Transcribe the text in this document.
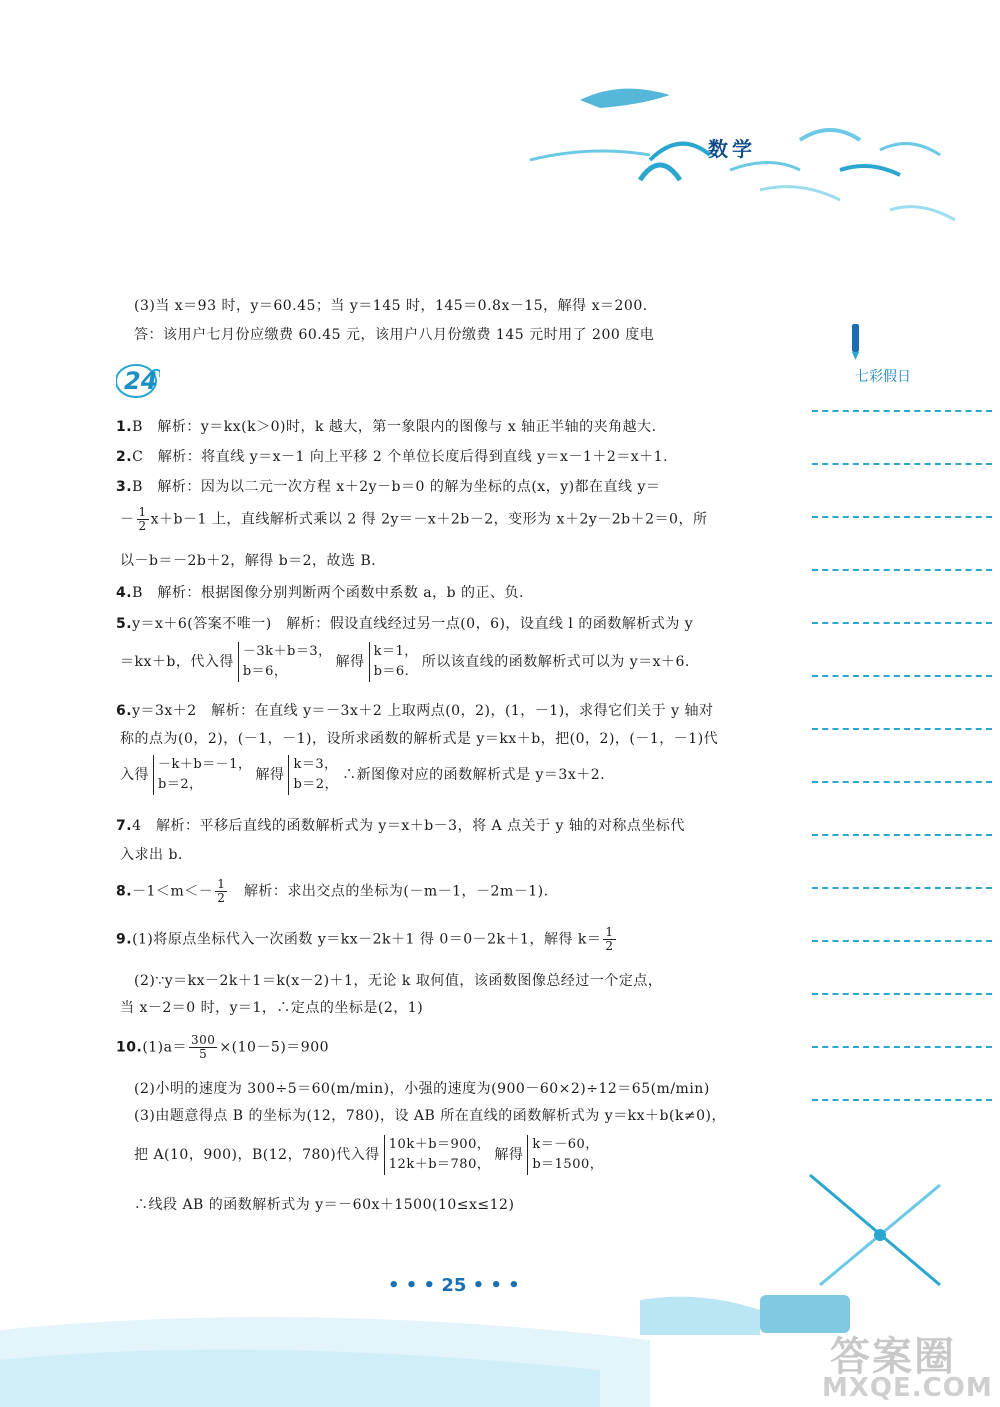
数学
七彩假日
24
(3)当 x＝93 时，y＝60.45；当 y＝145 时，145＝0.8x－15，解得 x＝200.
答：该用户七月份应缴费 60.45 元，该用户八月份缴费 145 元时用了 200 度电
1.B　解析：y＝kx(k＞0)时，k 越大，第一象限内的图像与 x 轴正半轴的夹角越大.
2.C　解析：将直线 y＝x－1 向上平移 2 个单位长度后得到直线 y＝x－1＋2＝x＋1.
3.B　解析：因为以二元一次方程 x＋2y－b＝0 的解为坐标的点(x，y)都在直线 y＝
－ $\frac{1}{2} x+b-1$ 上，直线解析式乘以 2 得 2y＝－x＋2b－2，变形为 x＋2y－2b＋2＝0，所
以－b＝－2b＋2，解得 b＝2，故选 B.
4.B　解析：根据图像分别判断两个函数中系数 a，b 的正、负.
5.y＝x＋6(答案不唯一)　解析：假设直线经过另一点(0，6)，设直线 l 的函数解析式为 y
＝kx＋b，代入得
－3k＋b＝3，
b＝6，
解得
k＝1，
b＝6.
所以该直线的函数解析式可以为 y＝x＋6.
6.y＝3x＋2　解析：在直线 y＝－3x＋2 上取两点(0，2)，(1，－1)，求得它们关于 y 轴对
称的点为(0，2)，(－1，－1)，设所求函数的解析式是 y＝kx＋b，把(0，2)，(－1，－1)代
入得
－k＋b＝－1，
b＝2，
解得
k＝3，
b＝2，
∴新图像对应的函数解析式是 y＝3x＋2.
7.4　解析：平移后直线的函数解析式为 y＝x＋b－3，将 A 点关于 y 轴的对称点坐标代
入求出 b.
$8.-1<m<- \frac{1}{2}$ 　解析：求出交点的坐标为(－m－1，－2m－1).
9.(1)将原点坐标代入一次函数 y＝kx－2k＋1 得 0＝0－2k＋1，解得 $k= \frac{1}{2}$
(2)∵y＝kx－2k＋1＝k(x－2)＋1，无论 k 取何值，该函数图像总经过一个定点，
当 x－2＝0 时，y＝1，∴定点的坐标是(2，1)
$10.(1)a= \frac{300}{5} \times(10-5)=900$
(2)小明的速度为 300÷5＝60(m/min)，小强的速度为(900－60×2)÷12＝65(m/min)
(3)由题意得点 B 的坐标为(12，780)，设 AB 所在直线的函数解析式为 y＝kx＋b(k≠0)，
把 A(10，900)，B(12，780)代入得
10k＋b＝900，
12k＋b＝780，
解得
k＝－60，
b＝1500，
∴线段 AB 的函数解析式为 y＝－60x＋1500(10≤x≤12)
• • • 25 • • •
答案圈
MXQE.COM
